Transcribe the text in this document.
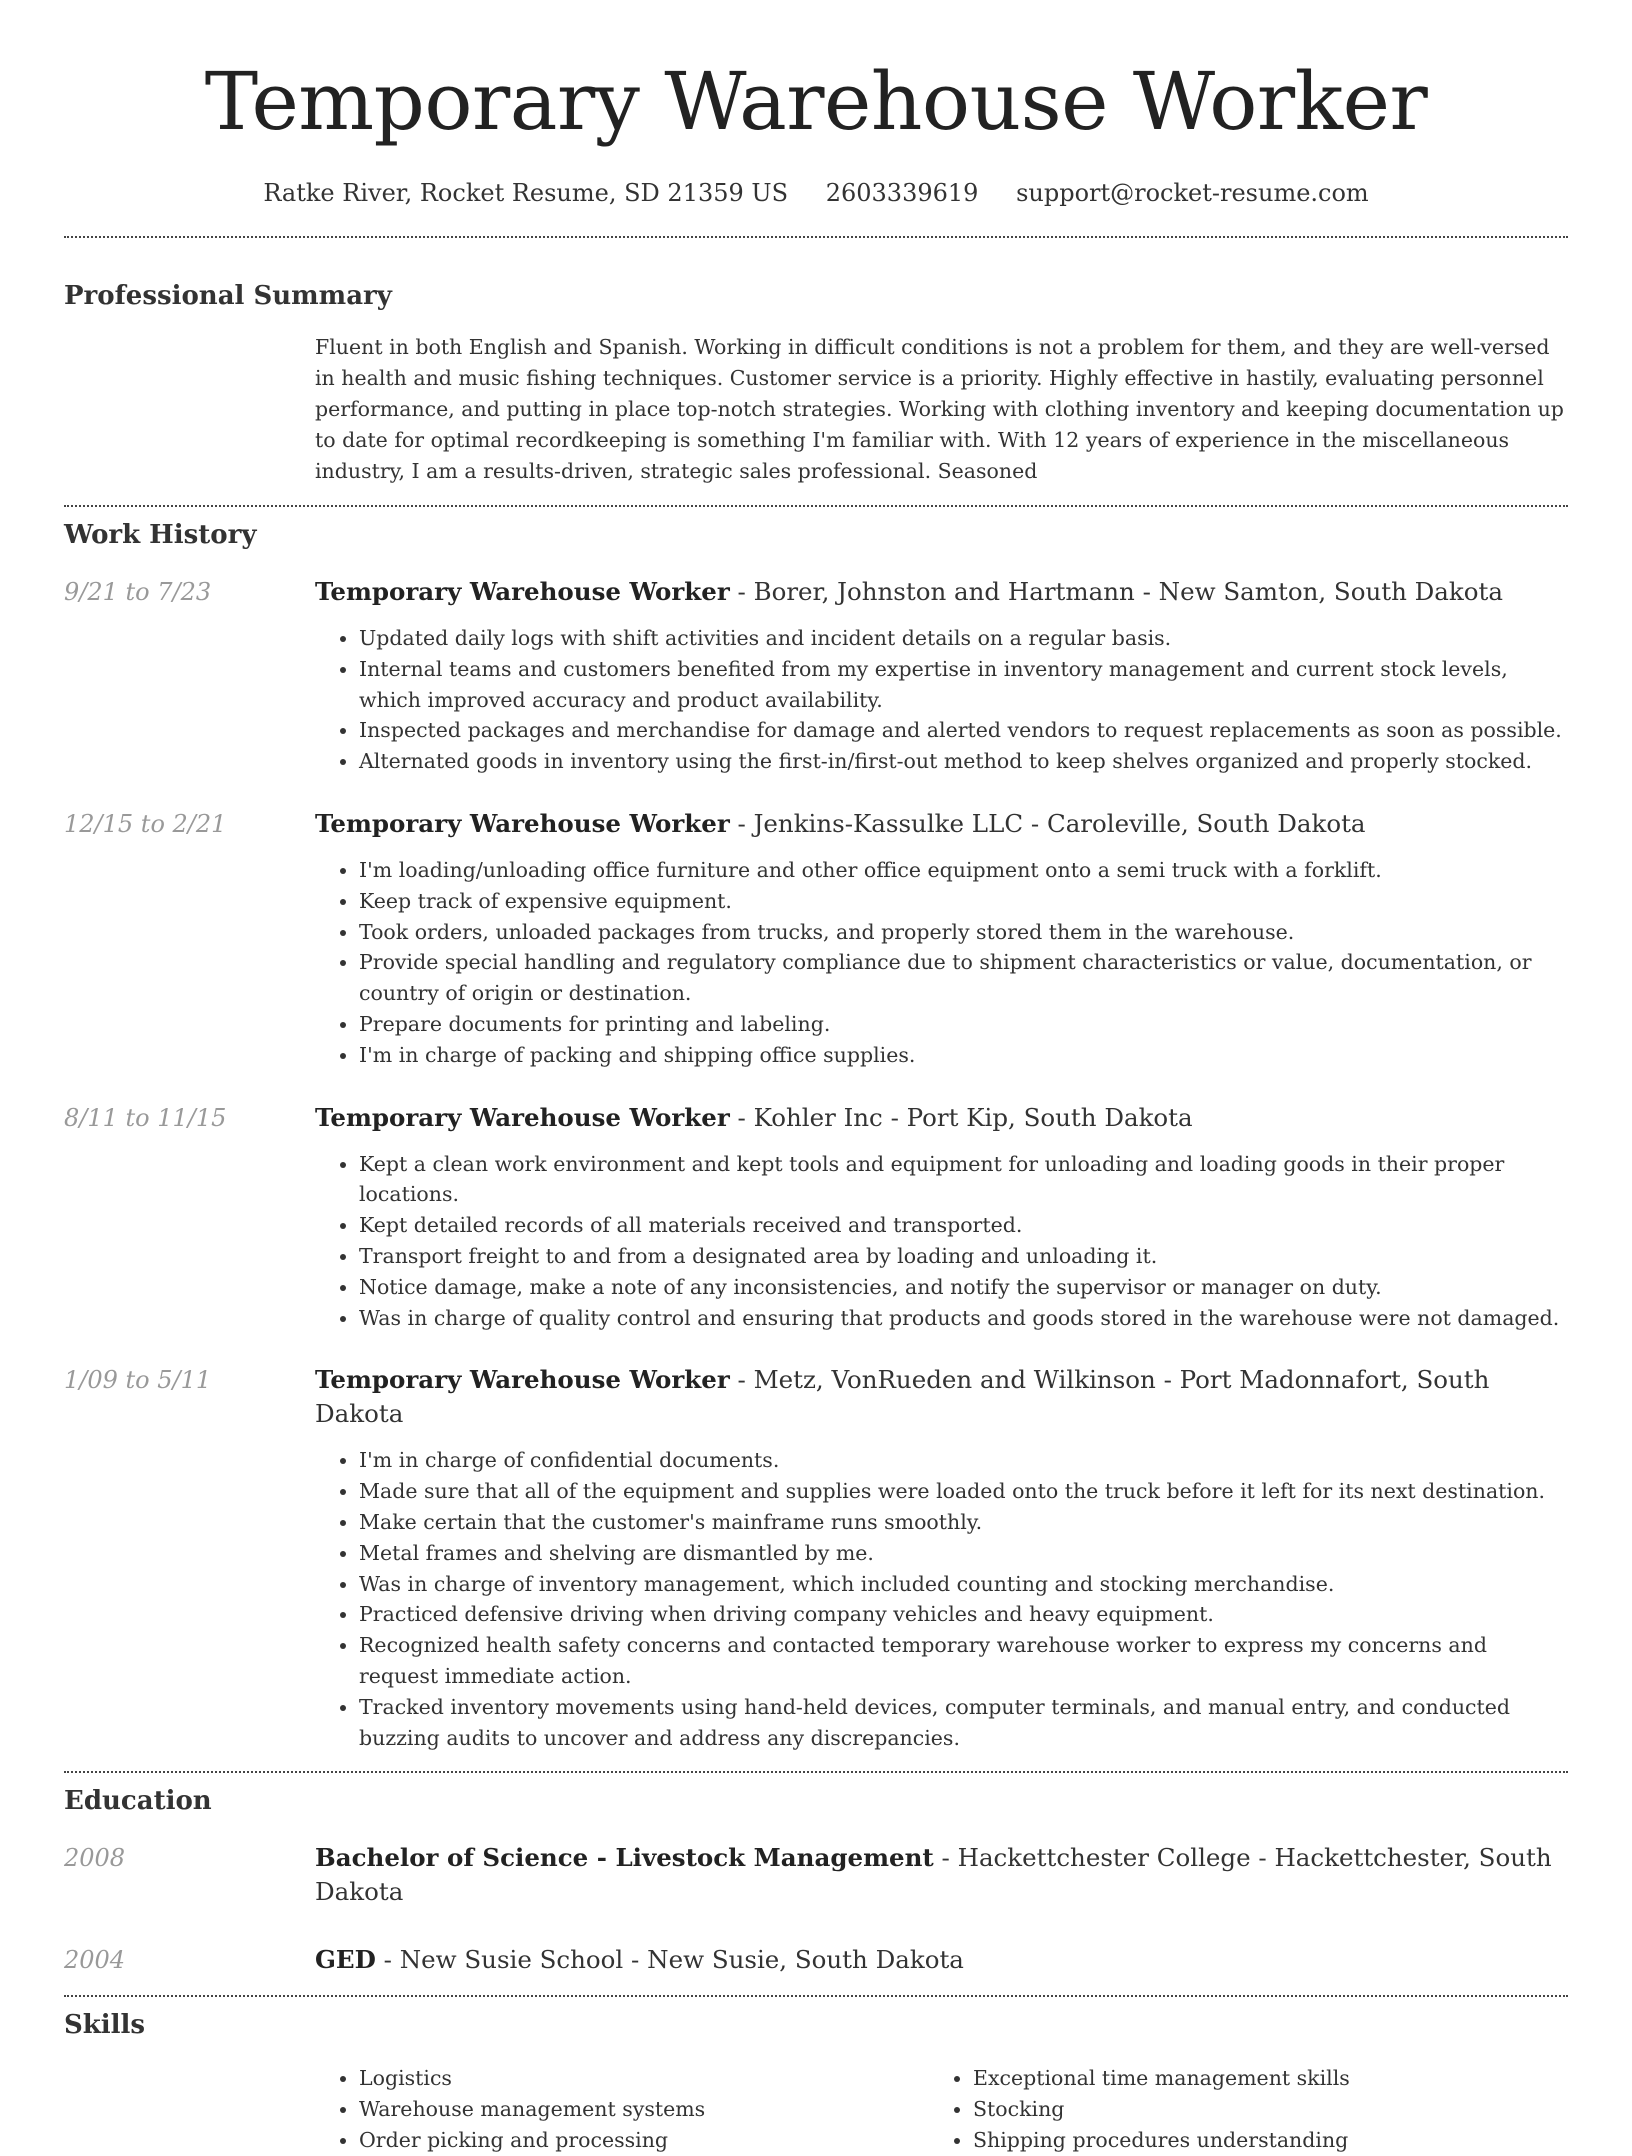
Temporary Warehouse Worker
Ratke River, Rocket Resume, SD 21359 US 2603339619 support@rocket-resume.com
Professional Summary
Fluent in both English and Spanish. Working in difficult conditions is not a problem for them, and they are well-versed in health and music fishing techniques. Customer service is a priority. Highly effective in hastily, evaluating personnel performance, and putting in place top-notch strategies. Working with clothing inventory and keeping documentation up to date for optimal recordkeeping is something I'm familiar with. With 12 years of experience in the miscellaneous industry, I am a results-driven, strategic sales professional. Seasoned
Work History
9/21 to 7/23	Temporary Warehouse Worker - Borer, Johnston and Hartmann - New Samton, South Dakota
• Updated daily logs with shift activities and incident details on a regular basis.
• Internal teams and customers benefited from my expertise in inventory management and current stock levels, which improved accuracy and product availability.
• Inspected packages and merchandise for damage and alerted vendors to request replacements as soon as possible.
• Alternated goods in inventory using the first-in/first-out method to keep shelves organized and properly stocked.
12/15 to 2/21	Temporary Warehouse Worker - Jenkins-Kassulke LLC - Caroleville, South Dakota
• I'm loading/unloading office furniture and other office equipment onto a semi truck with a forklift.
• Keep track of expensive equipment.
• Took orders, unloaded packages from trucks, and properly stored them in the warehouse.
• Provide special handling and regulatory compliance due to shipment characteristics or value, documentation, or country of origin or destination.
• Prepare documents for printing and labeling.
• I'm in charge of packing and shipping office supplies.
8/11 to 11/15	Temporary Warehouse Worker - Kohler Inc - Port Kip, South Dakota
• Kept a clean work environment and kept tools and equipment for unloading and loading goods in their proper locations.
• Kept detailed records of all materials received and transported.
• Transport freight to and from a designated area by loading and unloading it.
• Notice damage, make a note of any inconsistencies, and notify the supervisor or manager on duty.
• Was in charge of quality control and ensuring that products and goods stored in the warehouse were not damaged.
1/09 to 5/11	Temporary Warehouse Worker - Metz, VonRueden and Wilkinson - Port Madonnafort, South Dakota
• I'm in charge of confidential documents.
• Made sure that all of the equipment and supplies were loaded onto the truck before it left for its next destination.
• Make certain that the customer's mainframe runs smoothly.
• Metal frames and shelving are dismantled by me.
• Was in charge of inventory management, which included counting and stocking merchandise.
• Practiced defensive driving when driving company vehicles and heavy equipment.
• Recognized health safety concerns and contacted temporary warehouse worker to express my concerns and request immediate action.
• Tracked inventory movements using hand-held devices, computer terminals, and manual entry, and conducted buzzing audits to uncover and address any discrepancies.
Education
2008	Bachelor of Science - Livestock Management - Hackettchester College - Hackettchester, South Dakota
2004	GED - New Susie School - New Susie, South Dakota
Skills
• Logistics
• Warehouse management systems
• Order picking and processing
• Exceptional time management skills
• Stocking
• Shipping procedures understanding
